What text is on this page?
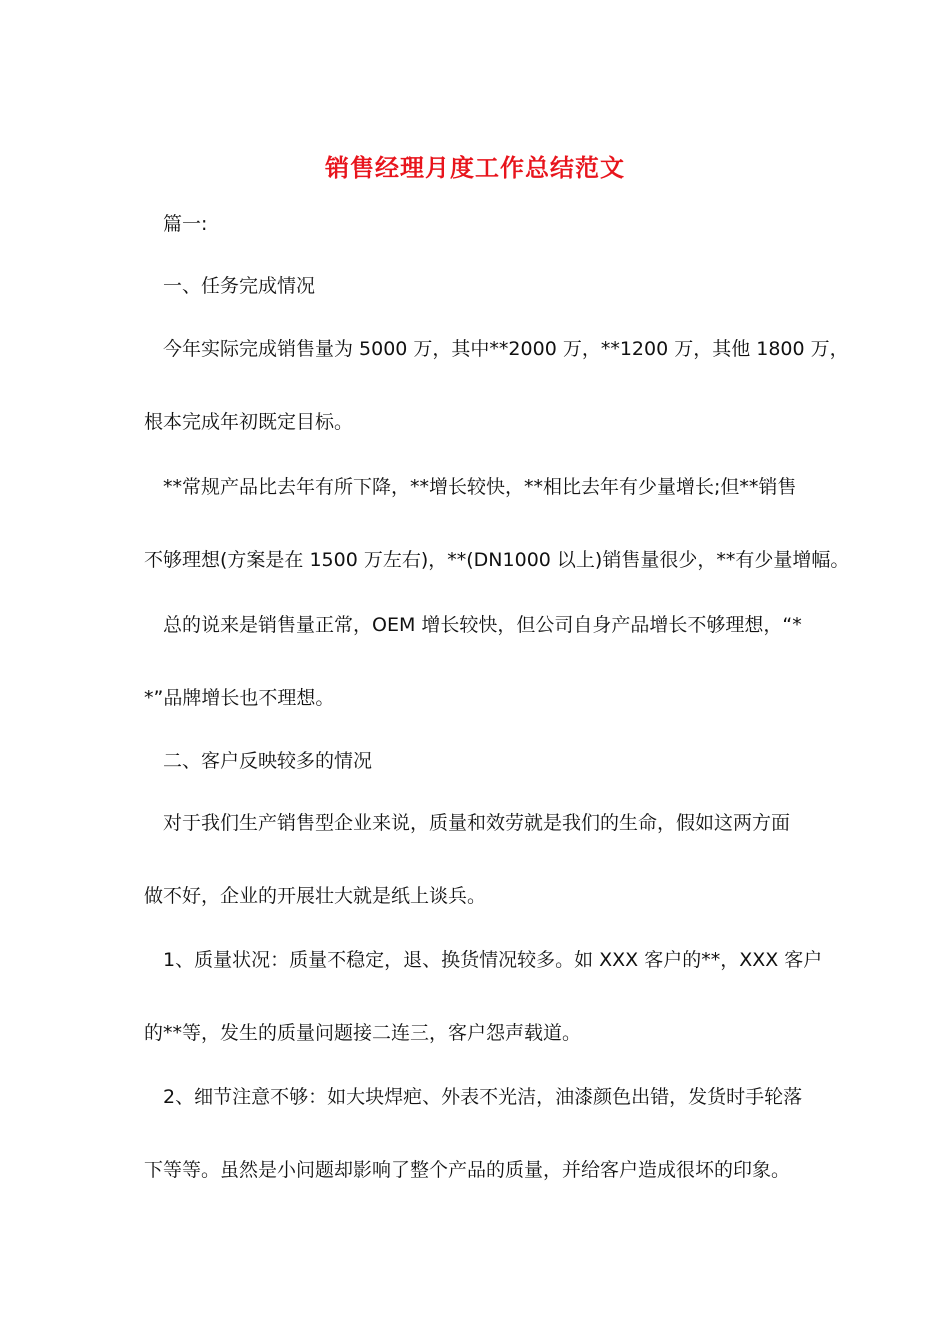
销售经理月度工作总结范文
篇一:
一、任务完成情况
今年实际完成销售量为 5000 万，其中**2000 万，**1200 万，其他 1800 万，
根本完成年初既定目标。
**常规产品比去年有所下降，**增长较快，**相比去年有少量增长;但**销售
不够理想(方案是在 1500 万左右)，**(DN1000 以上)销售量很少，**有少量增幅。
总的说来是销售量正常，OEM 增长较快，但公司自身产品增长不够理想，“*
*”品牌增长也不理想。
二、客户反映较多的情况
对于我们生产销售型企业来说，质量和效劳就是我们的生命，假如这两方面
做不好，企业的开展壮大就是纸上谈兵。
1、质量状况：质量不稳定，退、换货情况较多。如 XXX 客户的**，XXX 客户
的**等，发生的质量问题接二连三，客户怨声载道。
2、细节注意不够：如大块焊疤、外表不光洁，油漆颜色出错，发货时手轮落
下等等。虽然是小问题却影响了整个产品的质量，并给客户造成很坏的印象。
